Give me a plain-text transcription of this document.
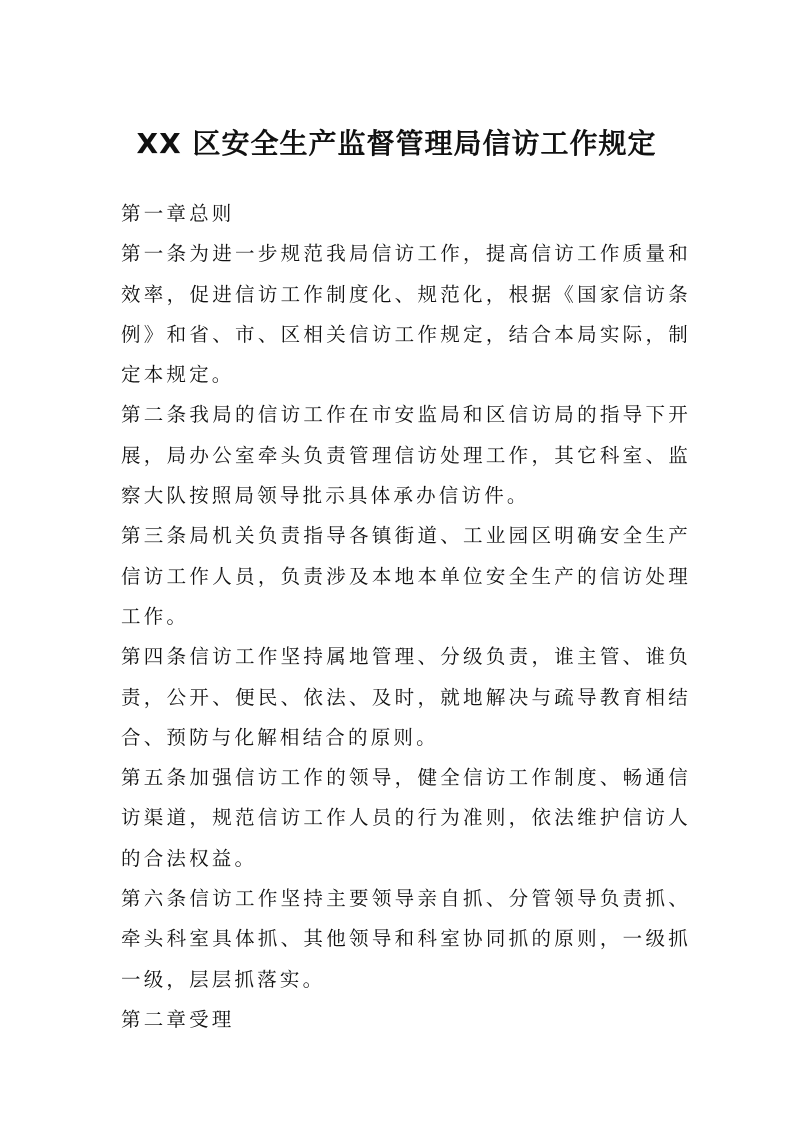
XX 区安全生产监督管理局信访工作规定

第一章总则

第一条为进一步规范我局信访工作，提高信访工作质量和效率，促进信访工作制度化、规范化，根据《国家信访条例》和省、市、区相关信访工作规定，结合本局实际，制定本规定。

第二条我局的信访工作在市安监局和区信访局的指导下开展，局办公室牵头负责管理信访处理工作，其它科室、监察大队按照局领导批示具体承办信访件。

第三条局机关负责指导各镇街道、工业园区明确安全生产信访工作人员，负责涉及本地本单位安全生产的信访处理工作。

第四条信访工作坚持属地管理、分级负责，谁主管、谁负责，公开、便民、依法、及时，就地解决与疏导教育相结合、预防与化解相结合的原则。

第五条加强信访工作的领导，健全信访工作制度、畅通信访渠道，规范信访工作人员的行为准则，依法维护信访人的合法权益。

第六条信访工作坚持主要领导亲自抓、分管领导负责抓、牵头科室具体抓、其他领导和科室协同抓的原则，一级抓一级，层层抓落实。

第二章受理
